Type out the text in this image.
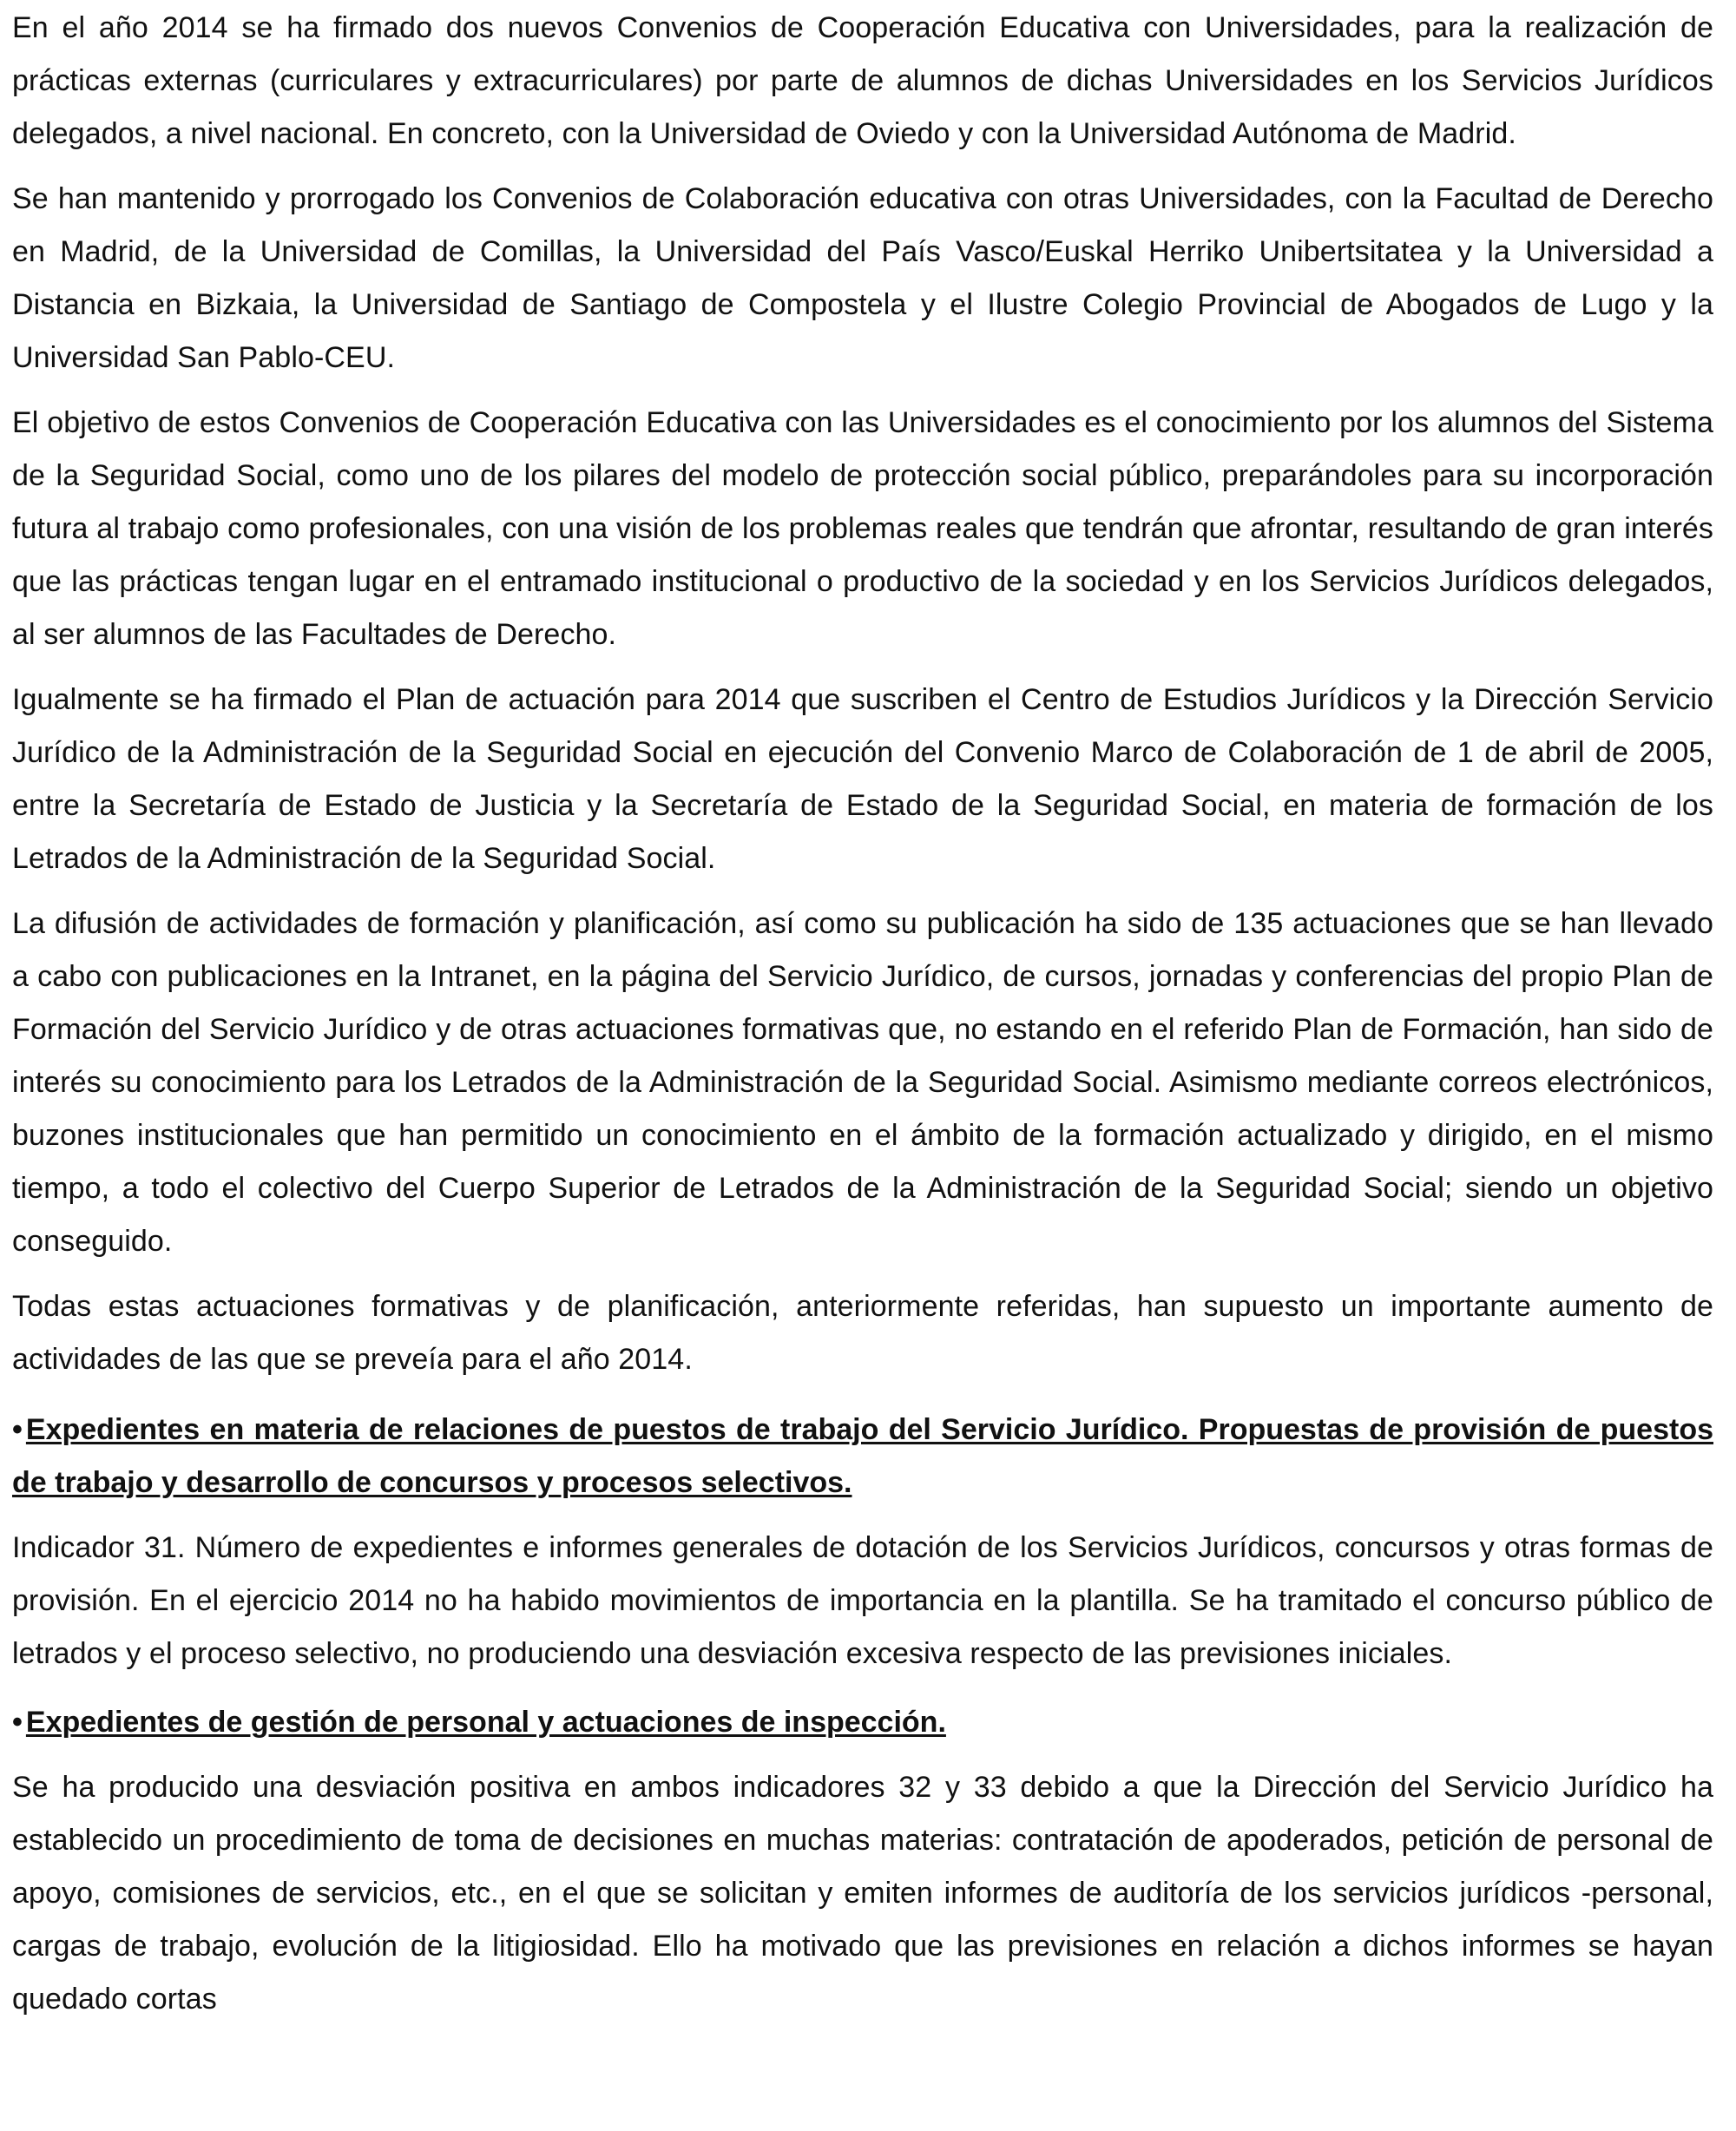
En el año 2014 se ha firmado dos nuevos Convenios de Cooperación Educativa con Universidades, para la realización de prácticas externas (curriculares y extracurriculares) por parte de alumnos de dichas Universidades en los Servicios Jurídicos delegados, a nivel nacional. En concreto, con la Universidad de Oviedo y con la Universidad Autónoma de Madrid.

Se han mantenido y prorrogado los Convenios de Colaboración educativa con otras Universidades, con la Facultad de Derecho en Madrid, de la Universidad de Comillas, la Universidad del País Vasco/Euskal Herriko Unibertsitatea y la Universidad a Distancia en Bizkaia, la Universidad de Santiago de Compostela y el Ilustre Colegio Provincial de Abogados de Lugo y la Universidad San Pablo-CEU.

El objetivo de estos Convenios de Cooperación Educativa con las Universidades es el conocimiento por los alumnos del Sistema de la Seguridad Social, como uno de los pilares del modelo de protección social público, preparándoles para su incorporación futura al trabajo como profesionales, con una visión de los problemas reales que tendrán que afrontar, resultando de gran interés que las prácticas tengan lugar en el entramado institucional o productivo de la sociedad y en los Servicios Jurídicos delegados, al ser alumnos de las Facultades de Derecho.

Igualmente se ha firmado el Plan de actuación para 2014 que suscriben el Centro de Estudios Jurídicos y la Dirección Servicio Jurídico de la Administración de la Seguridad Social en ejecución del Convenio Marco de Colaboración de 1 de abril de 2005, entre la Secretaría de Estado de Justicia y la Secretaría de Estado de la Seguridad Social, en materia de formación de los Letrados de la Administración de la Seguridad Social.

La difusión de actividades de formación y planificación, así como su publicación ha sido de 135 actuaciones que se han llevado a cabo con publicaciones en la Intranet, en la página del Servicio Jurídico, de cursos, jornadas y conferencias del propio Plan de Formación del Servicio Jurídico y de otras actuaciones formativas que, no estando en el referido Plan de Formación, han sido de interés su conocimiento para los Letrados de la Administración de la Seguridad Social. Asimismo mediante correos electrónicos, buzones institucionales que han permitido un conocimiento en el ámbito de la formación actualizado y dirigido, en el mismo tiempo, a todo el colectivo del Cuerpo Superior de Letrados de la Administración de la Seguridad Social; siendo un objetivo conseguido.

Todas estas actuaciones formativas y de planificación, anteriormente referidas, han supuesto un importante aumento de actividades de las que se preveía para el año 2014.

• Expedientes en materia de relaciones de puestos de trabajo del Servicio Jurídico. Propuestas de provisión de puestos de trabajo y desarrollo de concursos y procesos selectivos.

Indicador 31. Número de expedientes e informes generales de dotación de los Servicios Jurídicos, concursos y otras formas de provisión. En el ejercicio 2014 no ha habido movimientos de importancia en la plantilla. Se ha tramitado el concurso público de letrados y el proceso selectivo, no produciendo una desviación excesiva respecto de las previsiones iniciales.

• Expedientes de gestión de personal y actuaciones de inspección.

Se ha producido una desviación positiva en ambos indicadores 32 y 33 debido a que la Dirección del Servicio Jurídico ha establecido un procedimiento de toma de decisiones en muchas materias: contratación de apoderados, petición de personal de apoyo, comisiones de servicios, etc., en el que se solicitan y emiten informes de auditoría de los servicios jurídicos -personal, cargas de trabajo, evolución de la litigiosidad. Ello ha motivado que las previsiones en relación a dichos informes se hayan quedado cortas
